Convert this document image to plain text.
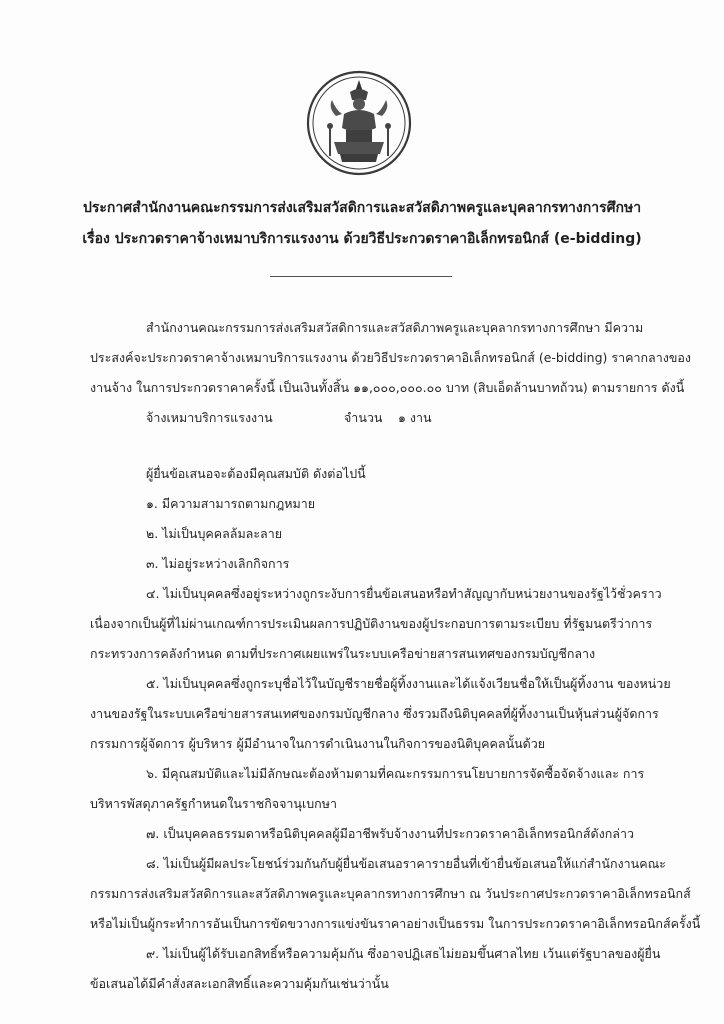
ประกาศสำนักงานคณะกรรมการส่งเสริมสวัสดิการและสวัสดิภาพครูและบุคลากรทางการศึกษา
เรื่อง ประกวดราคาจ้างเหมาบริการแรงงาน ด้วยวิธีประกวดราคาอิเล็กทรอนิกส์ (e-bidding)
สำนักงานคณะกรรมการส่งเสริมสวัสดิการและสวัสดิภาพครูและบุคลากรทางการศึกษา มีความ
ประสงค์จะประกวดราคาจ้างเหมาบริการแรงงาน ด้วยวิธีประกวดราคาอิเล็กทรอนิกส์ (e-bidding) ราคากลางของ
งานจ้าง ในการประกวดราคาครั้งนี้ เป็นเงินทั้งสิ้น ๑๑,๐๐๐,๐๐๐.๐๐ บาท (สิบเอ็ดล้านบาทถ้วน) ตามรายการ ดังนี้
จ้างเหมาบริการแรงงาน	จำนวน ๑ งาน
ผู้ยื่นข้อเสนอจะต้องมีคุณสมบัติ ดังต่อไปนี้
๑. มีความสามารถตามกฎหมาย
๒. ไม่เป็นบุคคลล้มละลาย
๓. ไม่อยู่ระหว่างเลิกกิจการ
๔. ไม่เป็นบุคคลซึ่งอยู่ระหว่างถูกระงับการยื่นข้อเสนอหรือทำสัญญากับหน่วยงานของรัฐไว้ชั่วคราว
เนื่องจากเป็นผู้ที่ไม่ผ่านเกณฑ์การประเมินผลการปฏิบัติงานของผู้ประกอบการตามระเบียบ ที่รัฐมนตรีว่าการ
กระทรวงการคลังกำหนด ตามที่ประกาศเผยแพร่ในระบบเครือข่ายสารสนเทศของกรมบัญชีกลาง
๕. ไม่เป็นบุคคลซึ่งถูกระบุชื่อไว้ในบัญชีรายชื่อผู้ทิ้งงานและได้แจ้งเวียนชื่อให้เป็นผู้ทิ้งงาน ของหน่วย
งานของรัฐในระบบเครือข่ายสารสนเทศของกรมบัญชีกลาง ซึ่งรวมถึงนิติบุคคลที่ผู้ทิ้งงานเป็นหุ้นส่วนผู้จัดการ
กรรมการผู้จัดการ ผู้บริหาร ผู้มีอำนาจในการดำเนินงานในกิจการของนิติบุคคลนั้นด้วย
๖. มีคุณสมบัติและไม่มีลักษณะต้องห้ามตามที่คณะกรรมการนโยบายการจัดซื้อจัดจ้างและ การ
บริหารพัสดุภาครัฐกำหนดในราชกิจจานุเบกษา
๗. เป็นบุคคลธรรมดาหรือนิติบุคคลผู้มีอาชีพรับจ้างงานที่ประกวดราคาอิเล็กทรอนิกส์ดังกล่าว
๘. ไม่เป็นผู้มีผลประโยชน์ร่วมกันกับผู้ยื่นข้อเสนอราคารายอื่นที่เข้ายื่นข้อเสนอให้แก่สำนักงานคณะ
กรรมการส่งเสริมสวัสดิการและสวัสดิภาพครูและบุคลากรทางการศึกษา ณ วันประกาศประกวดราคาอิเล็กทรอนิกส์
หรือไม่เป็นผู้กระทำการอันเป็นการขัดขวางการแข่งขันราคาอย่างเป็นธรรม ในการประกวดราคาอิเล็กทรอนิกส์ครั้งนี้
๙. ไม่เป็นผู้ได้รับเอกสิทธิ์หรือความคุ้มกัน ซึ่งอาจปฏิเสธไม่ยอมขึ้นศาลไทย เว้นแต่รัฐบาลของผู้ยื่น
ข้อเสนอได้มีคำสั่งสละเอกสิทธิ์และความคุ้มกันเช่นว่านั้น
